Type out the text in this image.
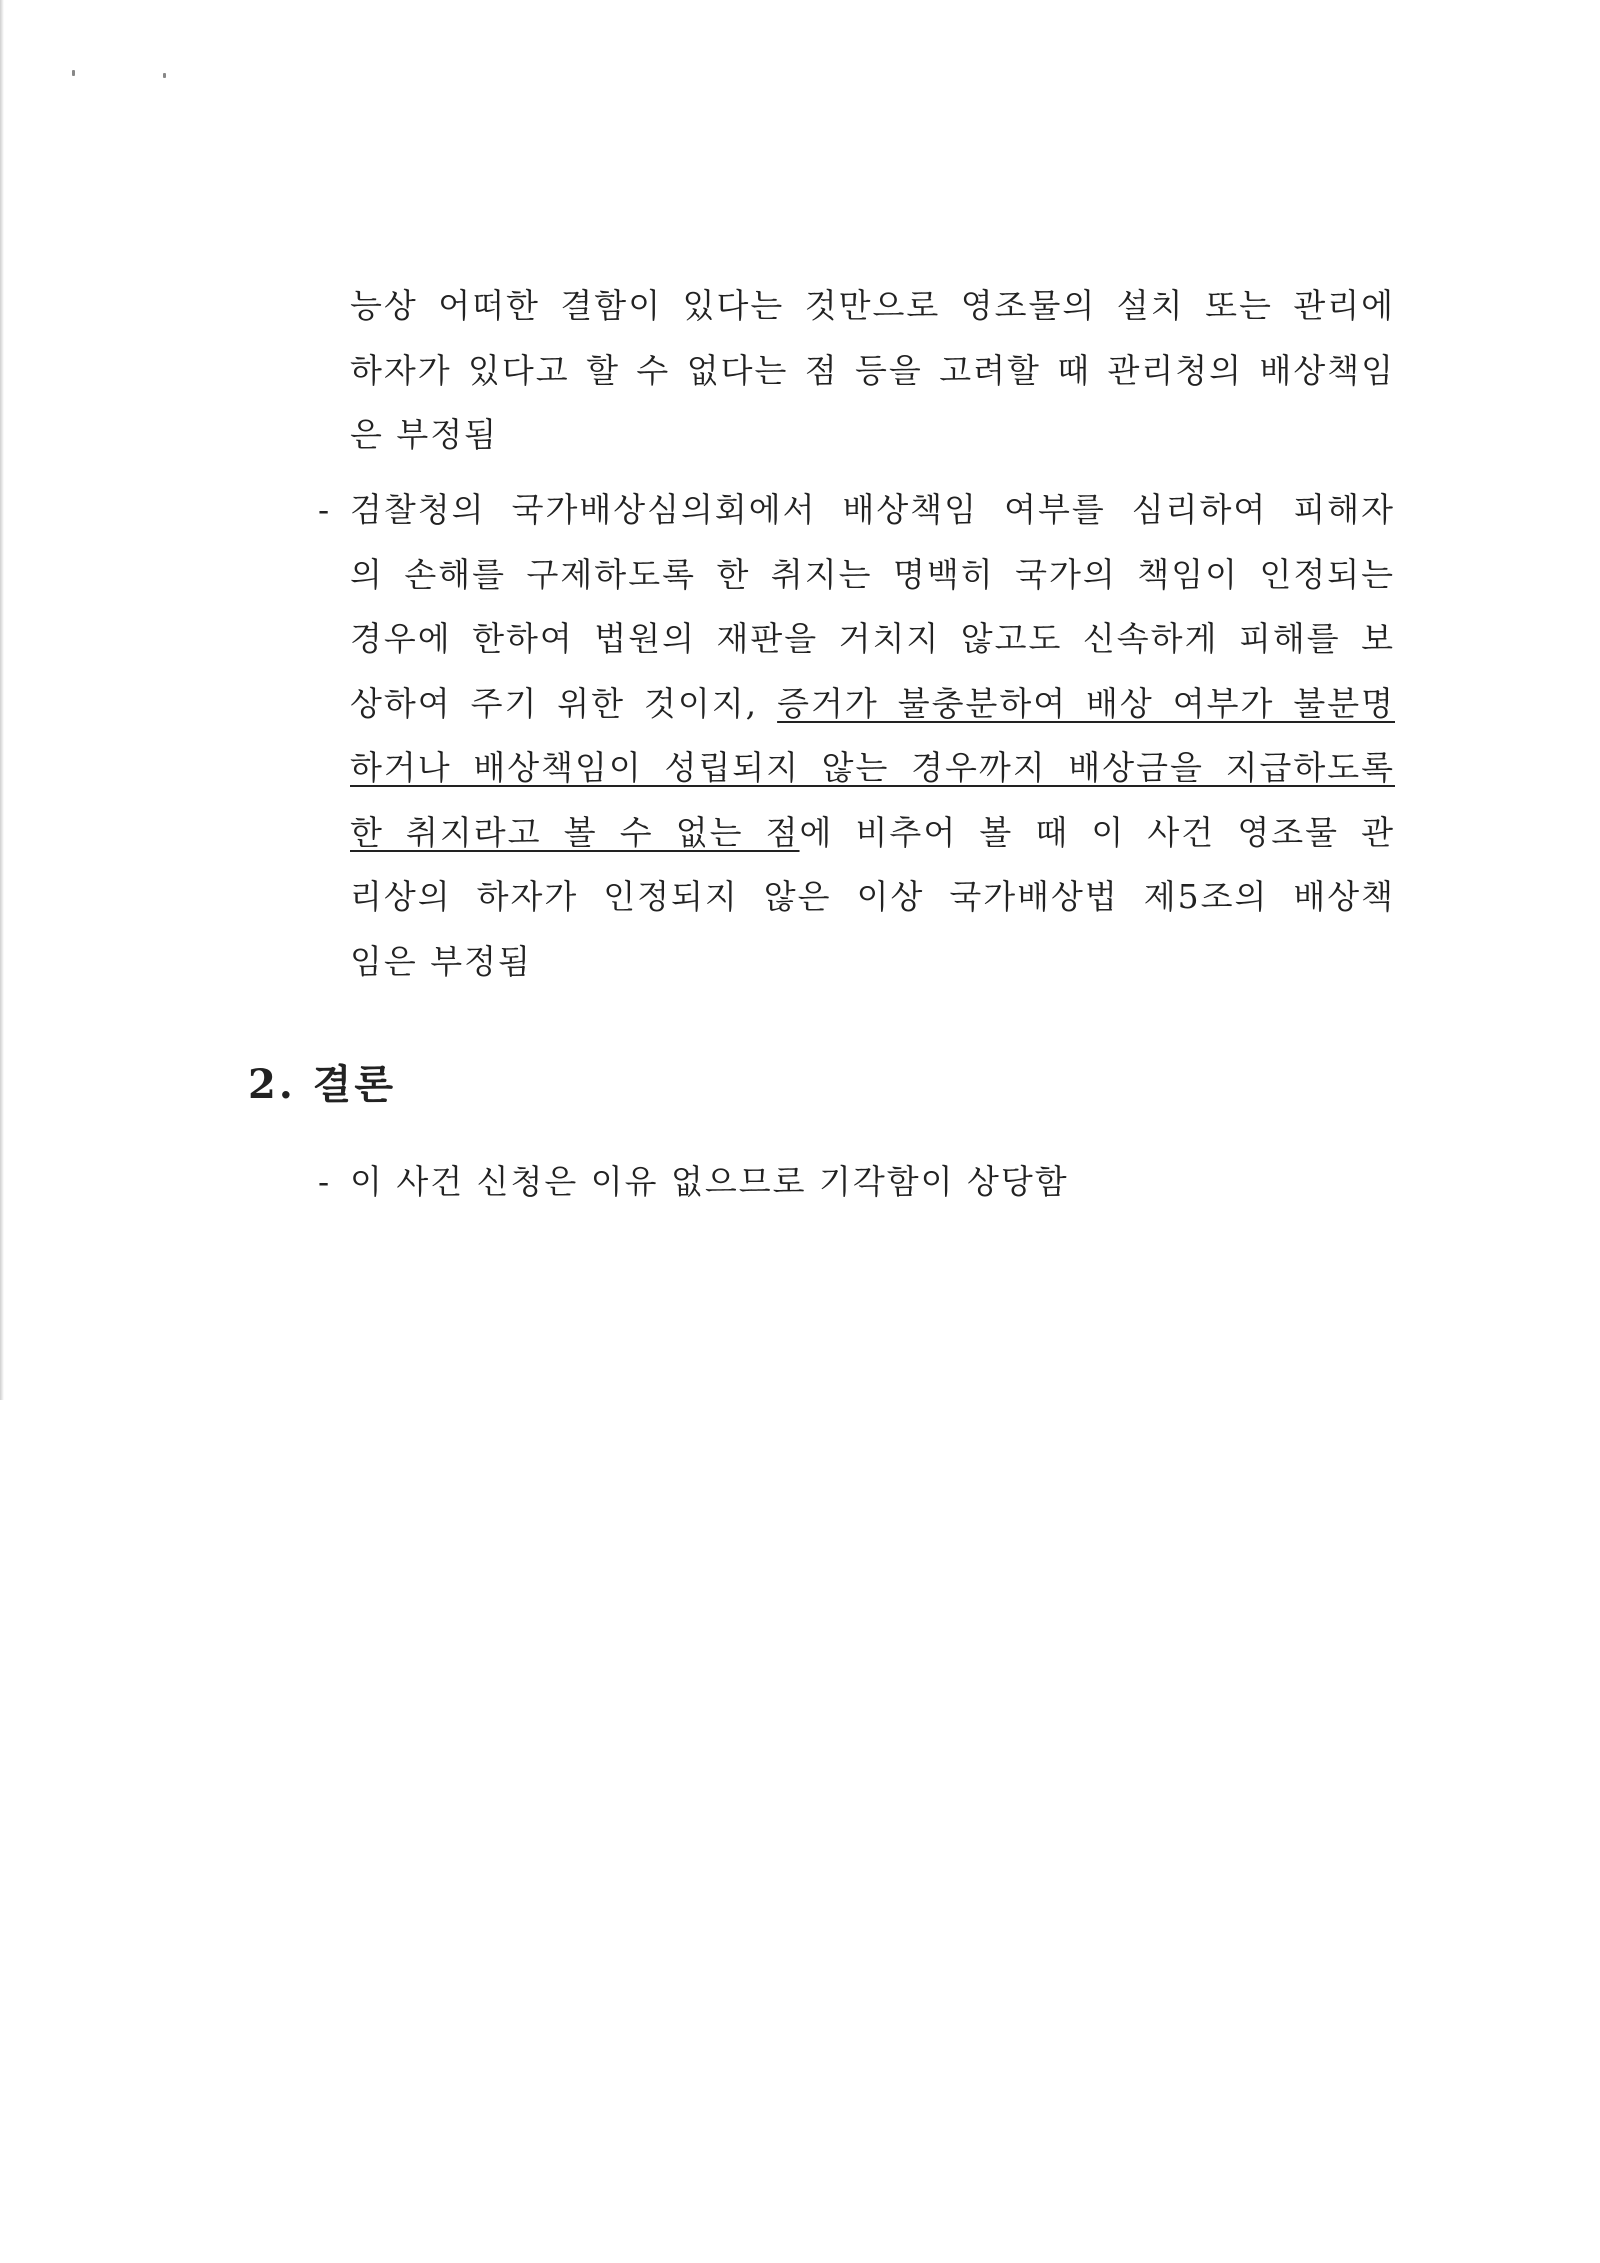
능상 어떠한 결함이 있다는 것만으로 영조물의 설치 또는 관리에
하자가 있다고 할 수 없다는 점 등을 고려할 때 관리청의 배상책임
은 부정됨
- 검찰청의 국가배상심의회에서 배상책임 여부를 심리하여 피해자
의 손해를 구제하도록 한 취지는 명백히 국가의 책임이 인정되는
경우에 한하여 법원의 재판을 거치지 않고도 신속하게 피해를 보
상하여 주기 위한 것이지, 증거가 불충분하여 배상 여부가 불분명
하거나 배상책임이 성립되지 않는 경우까지 배상금을 지급하도록
한 취지라고 볼 수 없는 점에 비추어 볼 때 이 사건 영조물 관
리상의 하자가 인정되지 않은 이상 국가배상법 제5조의 배상책
임은 부정됨
2. 결론
- 이 사건 신청은 이유 없으므로 기각함이 상당함
